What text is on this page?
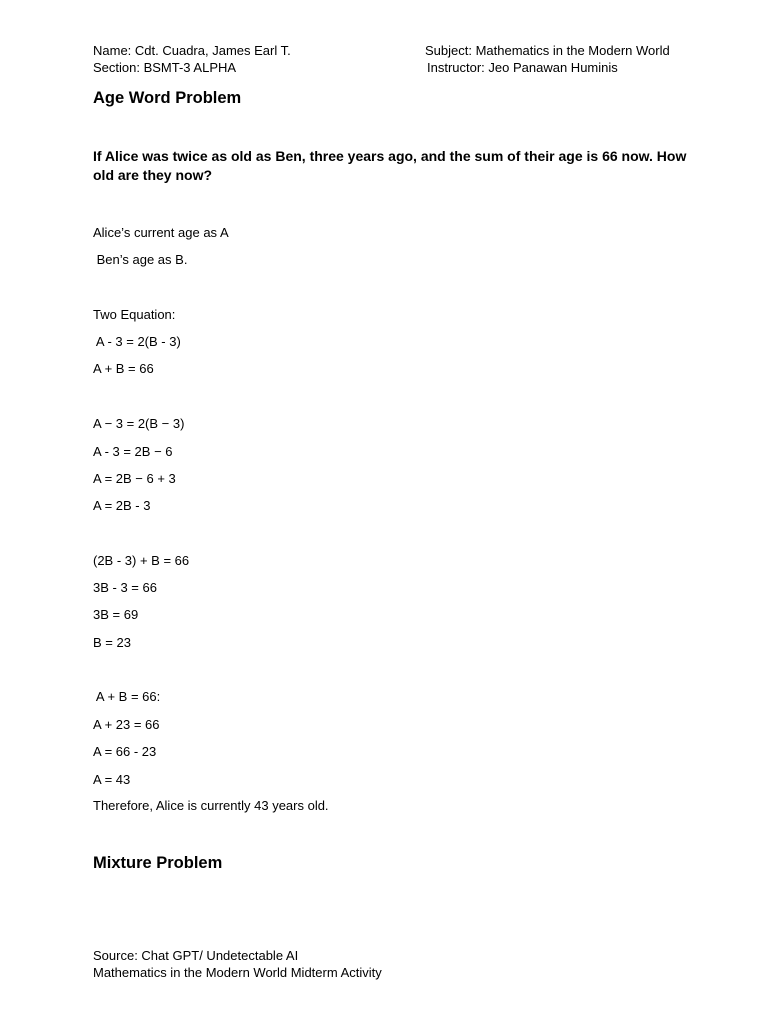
Name: Cdt. Cuadra, James Earl T.

Section: BSMT-3 ALPHA

Subject: Mathematics in the Modern World

Instructor: Jeo Panawan Huminis

Age Word Problem

If Alice was twice as old as Ben, three years ago, and the sum of their age is 66 now. How old are they now?

Alice’s current age as A

Ben’s age as B.

Two Equation:

A - 3 = 2(B - 3)

A + B = 66

A − 3 = 2(B − 3)

A - 3 = 2B − 6

A = 2B − 6 + 3

A = 2B - 3

(2B - 3) + B = 66

3B - 3 = 66

3B = 69

B = 23

A + B = 66:

A + 23 = 66

A = 66 - 23

A = 43

Therefore, Alice is currently 43 years old.

Mixture Problem

Source: Chat GPT/ Undetectable AI

Mathematics in the Modern World Midterm Activity
